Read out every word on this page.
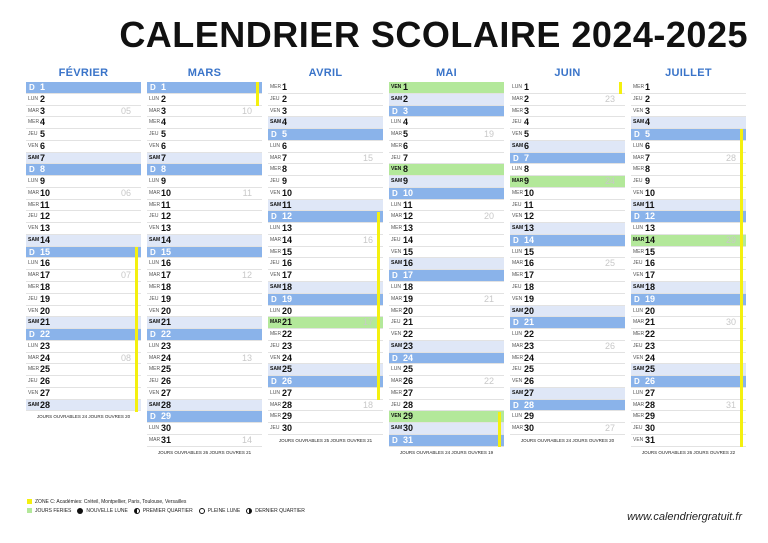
CALENDRIER SCOLAIRE 2024-2025
FÉVRIER
D 1
LUN 2
MAR 3	05
MER 4
JEU 5
VEN 6
SAM 7
D 8
LUN 9
MAR 10	06
MER 11
JEU 12
VEN 13
SAM 14
D 15
LUN 16
MAR 17	07
MER 18
JEU 19
VEN 20
SAM 21
D 22
LUN 23
MAR 24	08
MER 25
JEU 26
VEN 27
SAM 28
JOURS OUVRABLES 24 JOURS OUVRES 20
MARS
D 1
LUN 2
MAR 3	10
MER 4
JEU 5
VEN 6
SAM 7
D 8
LUN 9
MAR 10	11
MER 11
JEU 12
VEN 13
SAM 14
D 15
LUN 16
MAR 17	12
MER 18
JEU 19
VEN 20
SAM 21
D 22
LUN 23
MAR 24	13
MER 25
JEU 26
VEN 27
SAM 28
D 29
LUN 30
MAR 31	14
JOURS OUVRABLES 26 JOURS OUVRES 21
AVRIL
MER 1
JEU 2
VEN 3
SAM 4
D 5
LUN 6
MAR 7	15
MER 8
JEU 9
VEN 10
SAM 11
D 12
LUN 13
MAR 14	16
MER 15
JEU 16
VEN 17
SAM 18
D 19
LUN 20
MAR 21	17
MER 22
JEU 23
VEN 24
SAM 25
D 26
LUN 27
MAR 28	18
MER 29
JEU 30
JOURS OUVRABLES 25 JOURS OUVRES 21
MAI
VEN 1
SAM 2
D 3
LUN 4
MAR 5	19
MER 6
JEU 7
VEN 8
SAM 9
D 10
LUN 11
MAR 12	20
MER 13
JEU 14
VEN 15
SAM 16
D 17
LUN 18
MAR 19	21
MER 20
JEU 21
VEN 22
SAM 23
D 24
LUN 25
MAR 26	22
MER 27
JEU 28
VEN 29
SAM 30
D 31
JOURS OUVRABLES 24 JOURS OUVRES 19
JUIN
LUN 1
MAR 2	23
MER 3
JEU 4
VEN 5
SAM 6
D 7
LUN 8
MAR 9	24
MER 10
JEU 11
VEN 12
SAM 13
D 14
LUN 15
MAR 16	25
MER 17
JEU 18
VEN 19
SAM 20
D 21
LUN 22
MAR 23	26
MER 24
JEU 25
VEN 26
SAM 27
D 28
LUN 29
MAR 30	27
JOURS OUVRABLES 24 JOURS OUVRES 20
JUILLET
MER 1
JEU 2
VEN 3
SAM 4
D 5
LUN 6
MAR 7	28
MER 8
JEU 9
VEN 10
SAM 11
D 12
LUN 13
MAR 14	29
MER 15
JEU 16
VEN 17
SAM 18
D 19
LUN 20
MAR 21	30
MER 22
JEU 23
VEN 24
SAM 25
D 26
LUN 27
MAR 28	31
MER 29
JEU 30
VEN 31
JOURS OUVRABLES 26 JOURS OUVRES 22
ZONE C: Académies: Créteil, Montpellier, Paris, Toulouse, Versailles
JOURS FERIES	NOUVELLE LUNE	PREMIER QUARTIER	PLEINE LUNE	DERNIER QUARTIER
www.calendriergratuit.fr
